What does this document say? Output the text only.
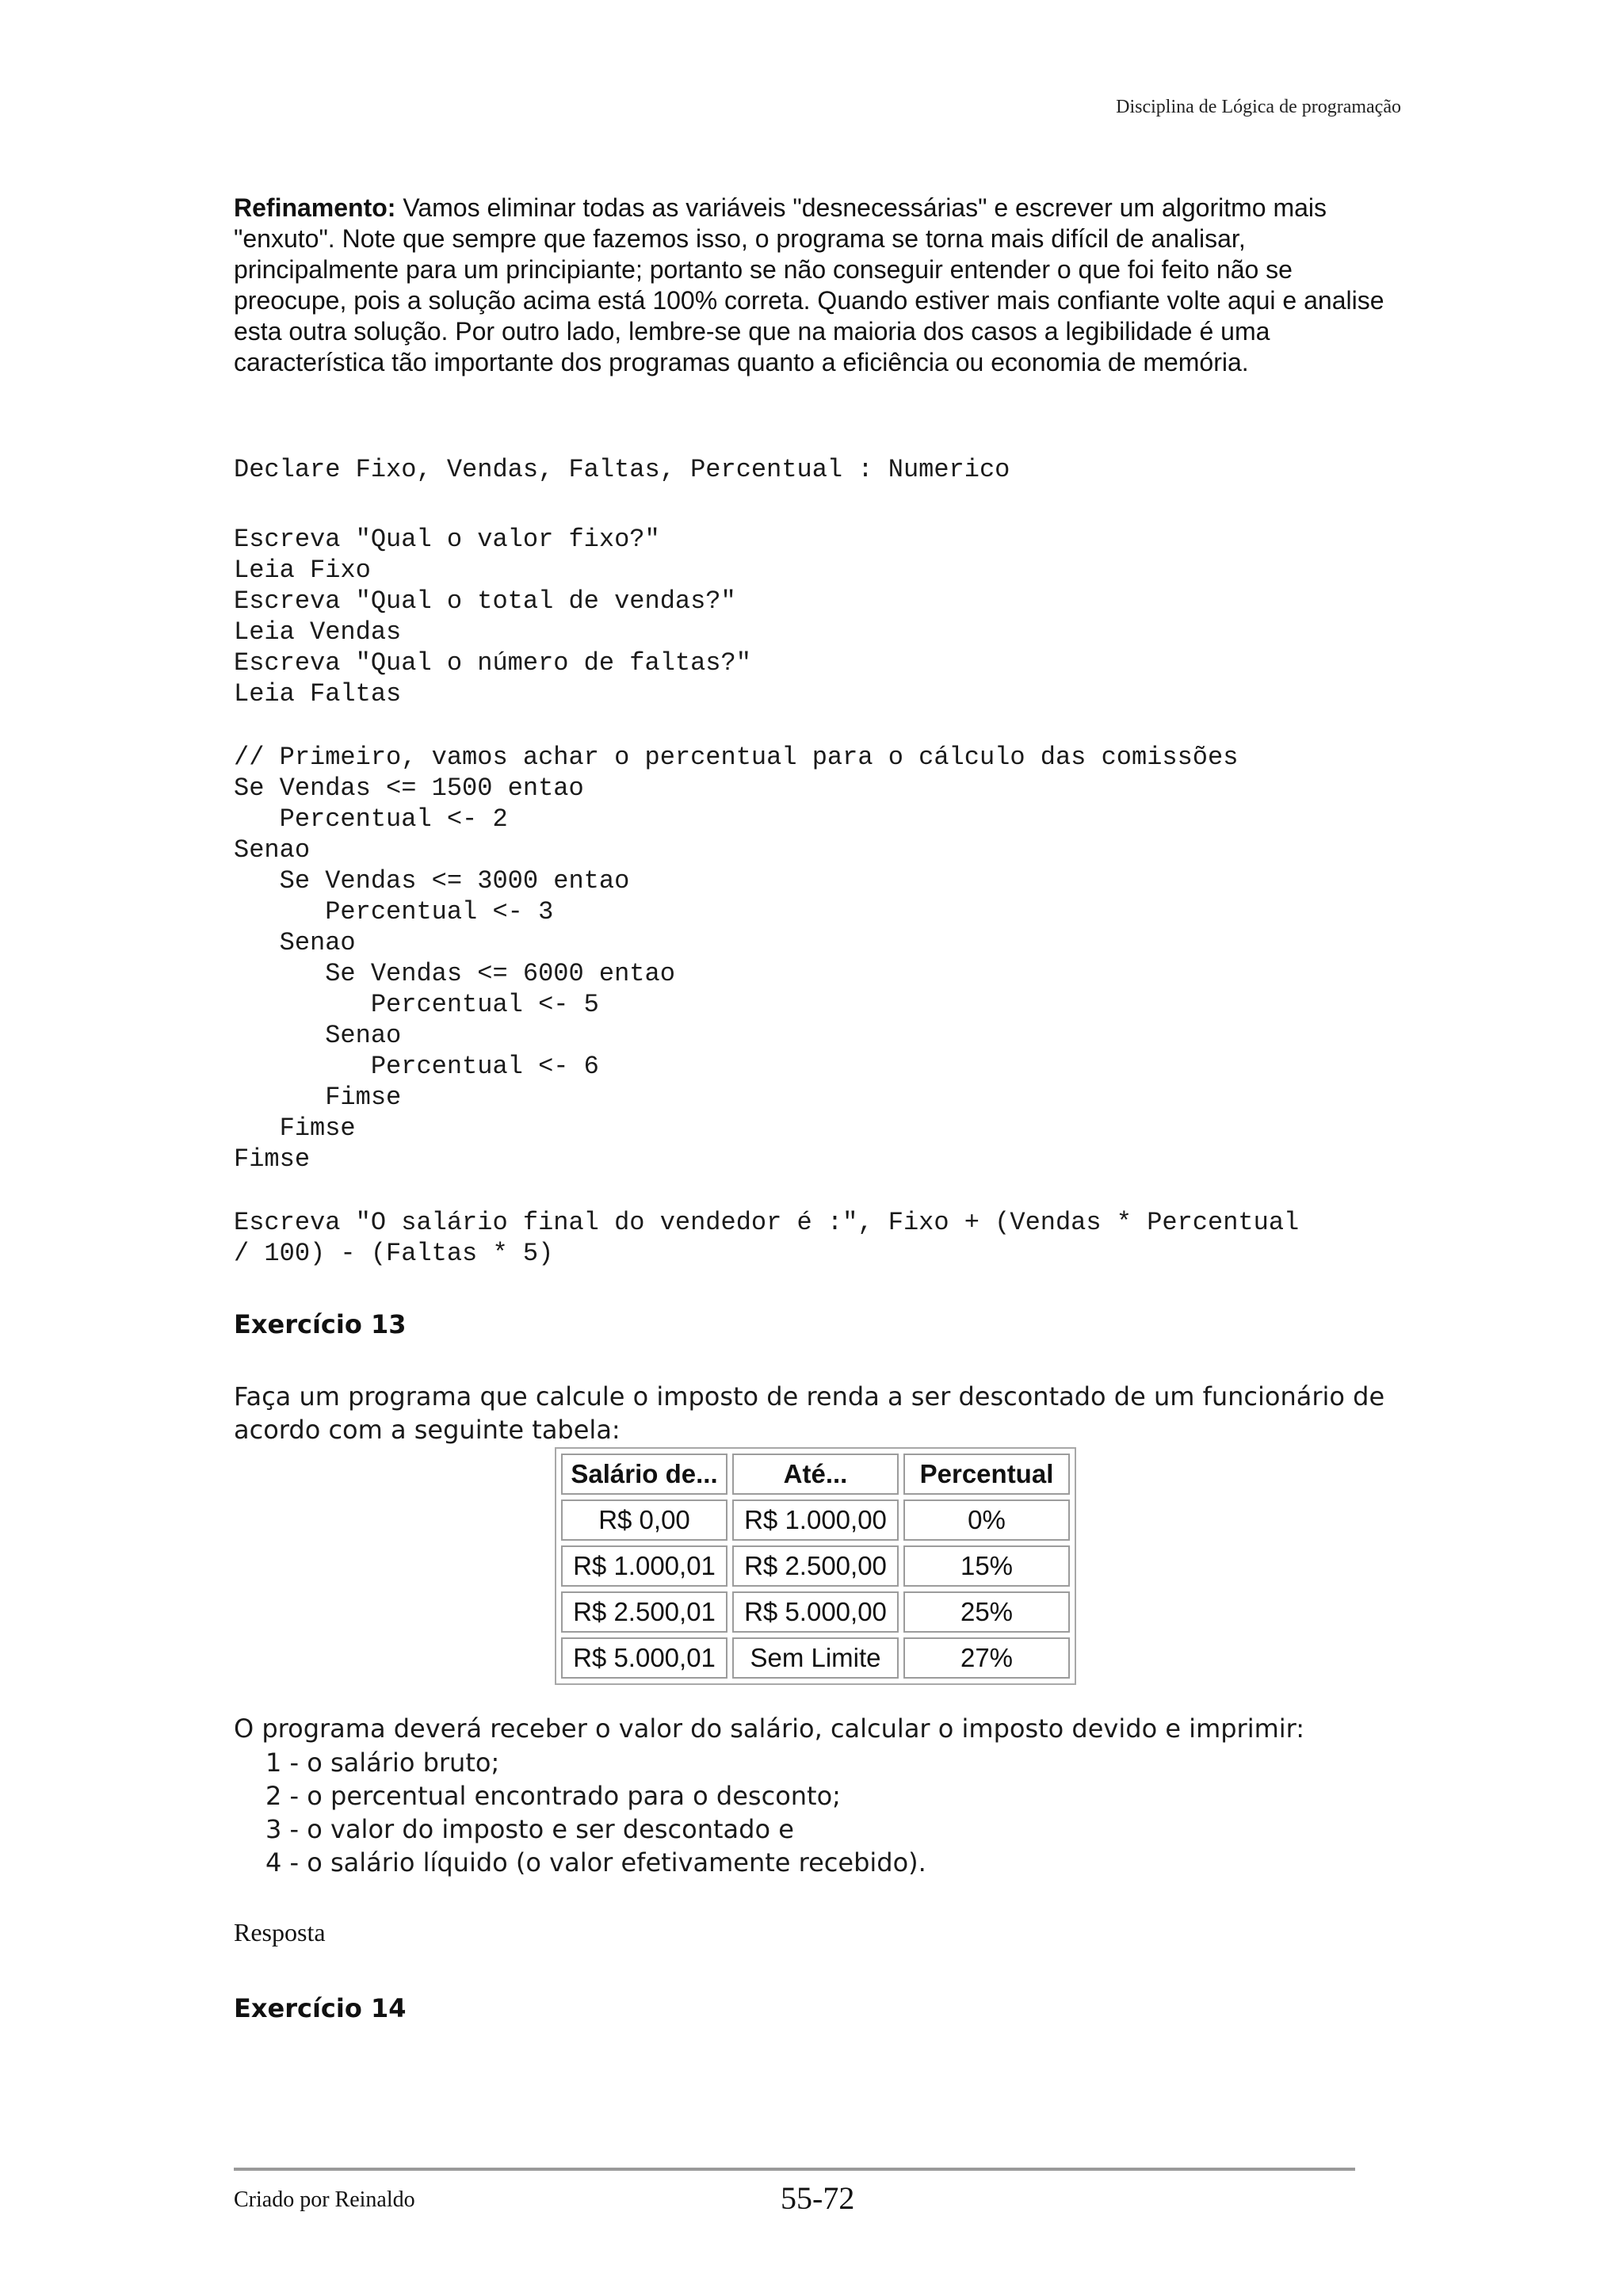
Disciplina de Lógica de programação
Refinamento: Vamos eliminar todas as variáveis "desnecessárias" e escrever um algoritmo mais "enxuto". Note que sempre que fazemos isso, o programa se torna mais difícil de analisar, principalmente para um principiante; portanto se não conseguir entender o que foi feito não se preocupe, pois a solução acima está 100% correta. Quando estiver mais confiante volte aqui e analise esta outra solução. Por outro lado, lembre-se que na maioria dos casos a legibilidade é uma característica tão importante dos programas quanto a eficiência ou economia de memória.
Declare Fixo, Vendas, Faltas, Percentual : Numerico
Escreva "Qual o valor fixo?"
Leia Fixo
Escreva "Qual o total de vendas?"
Leia Vendas
Escreva "Qual o número de faltas?"
Leia Faltas
// Primeiro, vamos achar o percentual para o cálculo das comissões
Se Vendas <= 1500 entao
Percentual <- 2
Senao
Se Vendas <= 3000 entao
Percentual <- 3
Senao
Se Vendas <= 6000 entao
Percentual <- 5
Senao
Percentual <- 6
Fimse
Fimse
Fimse
Escreva "O salário final do vendedor é :", Fixo + (Vendas * Percentual
/ 100) - (Faltas * 5)
Exercício 13
Faça um programa que calcule o imposto de renda a ser descontado de um funcionário de acordo com a seguinte tabela:
Salário de...	Até...	Percentual
R$ 0,00	R$ 1.000,00	0%
R$ 1.000,01	R$ 2.500,00	15%
R$ 2.500,01	R$ 5.000,00	25%
R$ 5.000,01	Sem Limite	27%
O programa deverá receber o valor do salário, calcular o imposto devido e imprimir:
1 - o salário bruto;
2 - o percentual encontrado para o desconto;
3 - o valor do imposto e ser descontado e
4 - o salário líquido (o valor efetivamente recebido).
Resposta
Exercício 14
Criado por Reinaldo	55-72
